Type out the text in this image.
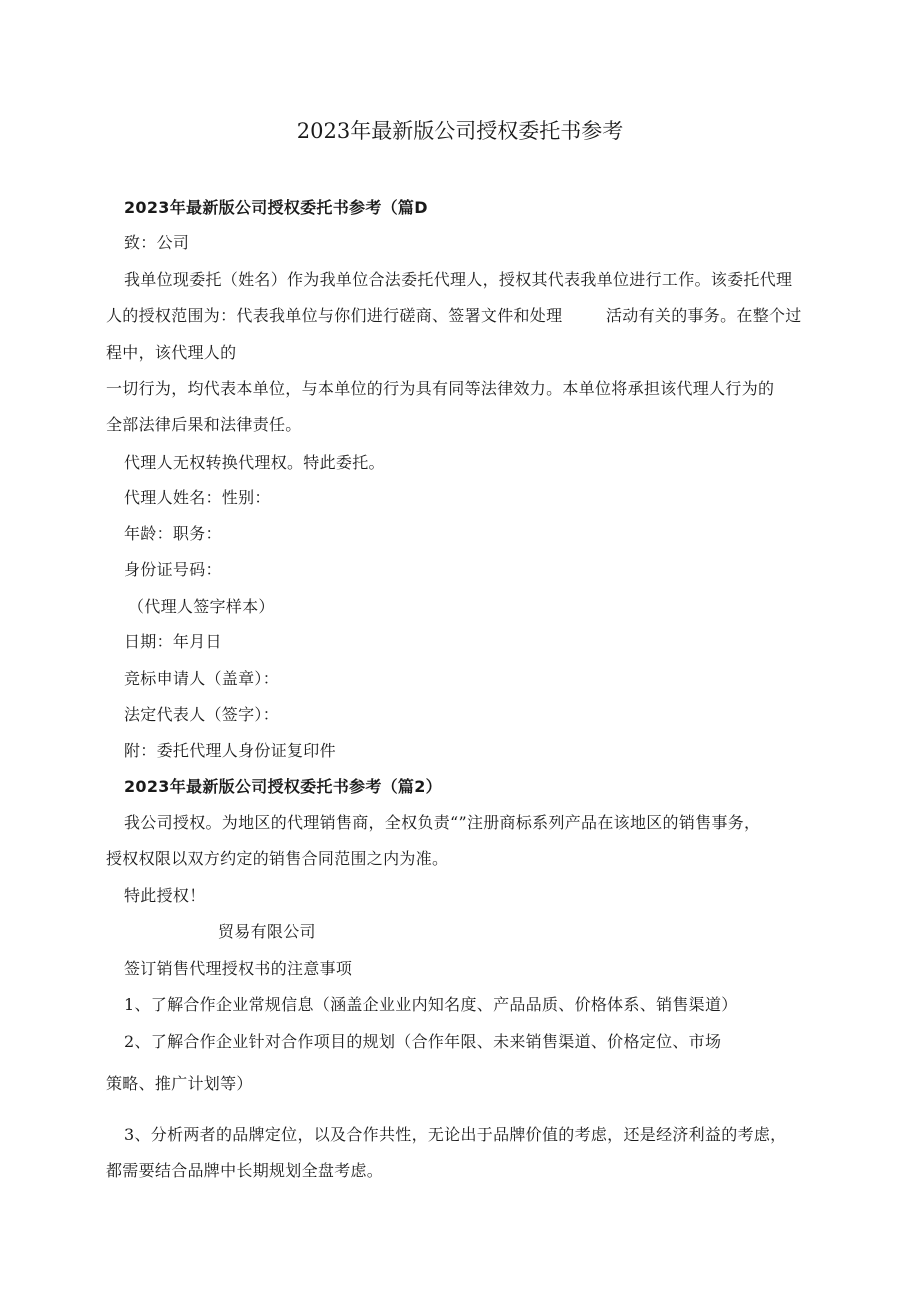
2023年最新版公司授权委托书参考
2023年最新版公司授权委托书参考（篇D
致：公司
我单位现委托（姓名）作为我单位合法委托代理人，授权其代表我单位进行工作。该委托代理
人的授权范围为：代表我单位与你们进行磋商、签署文件和处理	活动有关的事务。在整个过
程中，该代理人的
一切行为，均代表本单位，与本单位的行为具有同等法律效力。本单位将承担该代理人行为的
全部法律后果和法律责任。
代理人无权转换代理权。特此委托。
代理人姓名：性别：
年龄：职务：
身份证号码：
（代理人签字样本）
日期：年月日
竞标申请人（盖章）：
法定代表人（签字）：
附：委托代理人身份证复印件
2023年最新版公司授权委托书参考（篇2）
我公司授权。为地区的代理销售商，全权负责“”注册商标系列产品在该地区的销售事务，
授权权限以双方约定的销售合同范围之内为准。
特此授权！
贸易有限公司
签订销售代理授权书的注意事项
1、了解合作企业常规信息（涵盖企业业内知名度、产品品质、价格体系、销售渠道）
2、了解合作企业针对合作项目的规划（合作年限、未来销售渠道、价格定位、市场
策略、推广计划等）
3、分析两者的品牌定位，以及合作共性，无论出于品牌价值的考虑，还是经济利益的考虑，
都需要结合品牌中长期规划全盘考虑。
